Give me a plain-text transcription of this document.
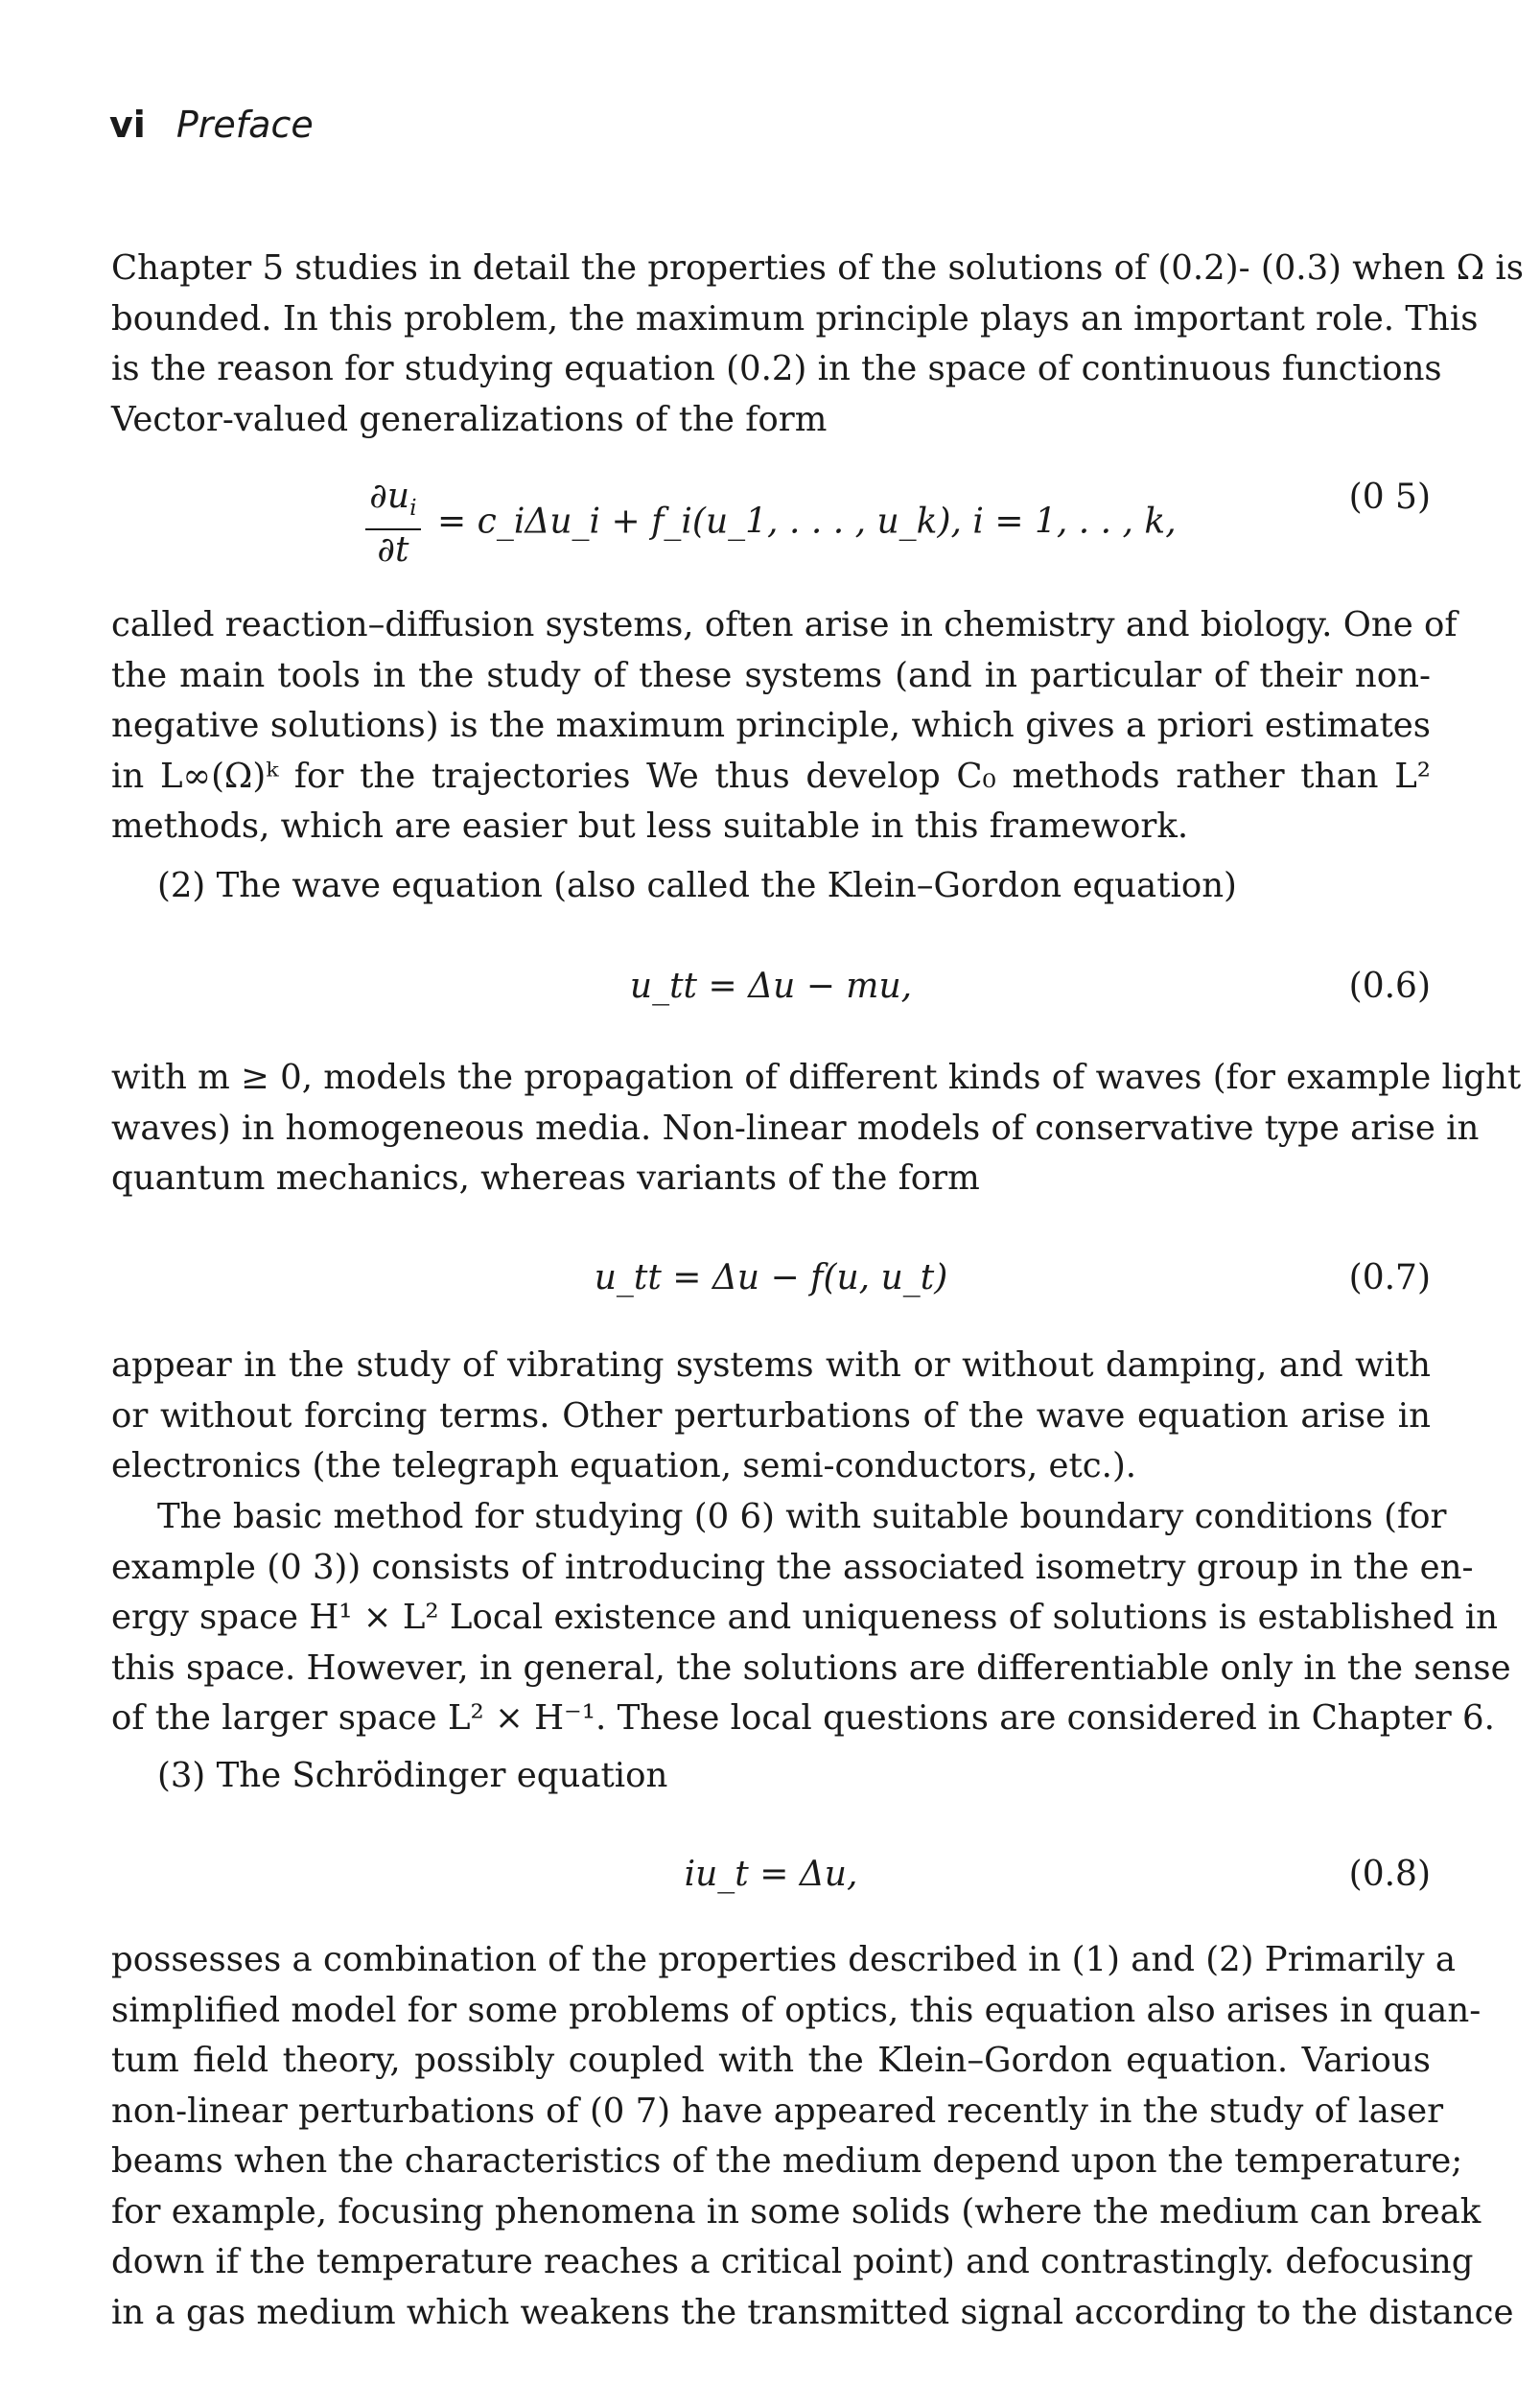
vi Preface
Chapter 5 studies in detail the properties of the solutions of (0.2)- (0.3) when Ω is
bounded. In this problem, the maximum principle plays an important role. This
is the reason for studying equation (0.2) in the space of continuous functions
Vector-valued generalizations of the form
$\frac{\partial u_i}{\partial t}$ = c_iΔu_i + f_i(u_1, . . . , u_k), i = 1, . . , k,
(0 5)
called reaction–diffusion systems, often arise in chemistry and biology. One of
the main tools in the study of these systems (and in particular of their non-
negative solutions) is the maximum principle, which gives a priori estimates
in L∞(Ω)ᵏ for the trajectories We thus develop C₀ methods rather than L²
methods, which are easier but less suitable in this framework.
(2) The wave equation (also called the Klein–Gordon equation)
u_tt = Δu − mu,	(0.6)
with m ≥ 0, models the propagation of different kinds of waves (for example light
waves) in homogeneous media. Non-linear models of conservative type arise in
quantum mechanics, whereas variants of the form
u_tt = Δu − f(u, u_t)	(0.7)
appear in the study of vibrating systems with or without damping, and with
or without forcing terms. Other perturbations of the wave equation arise in
electronics (the telegraph equation, semi-conductors, etc.).
The basic method for studying (0 6) with suitable boundary conditions (for
example (0 3)) consists of introducing the associated isometry group in the en-
ergy space H¹ × L² Local existence and uniqueness of solutions is established in
this space. However, in general, the solutions are differentiable only in the sense
of the larger space L² × H⁻¹. These local questions are considered in Chapter 6.
(3) The Schrödinger equation
iu_t = Δu,	(0.8)
possesses a combination of the properties described in (1) and (2) Primarily a
simplified model for some problems of optics, this equation also arises in quan-
tum field theory, possibly coupled with the Klein–Gordon equation. Various
non-linear perturbations of (0 7) have appeared recently in the study of laser
beams when the characteristics of the medium depend upon the temperature;
for example, focusing phenomena in some solids (where the medium can break
down if the temperature reaches a critical point) and contrastingly. defocusing
in a gas medium which weakens the transmitted signal according to the distance
